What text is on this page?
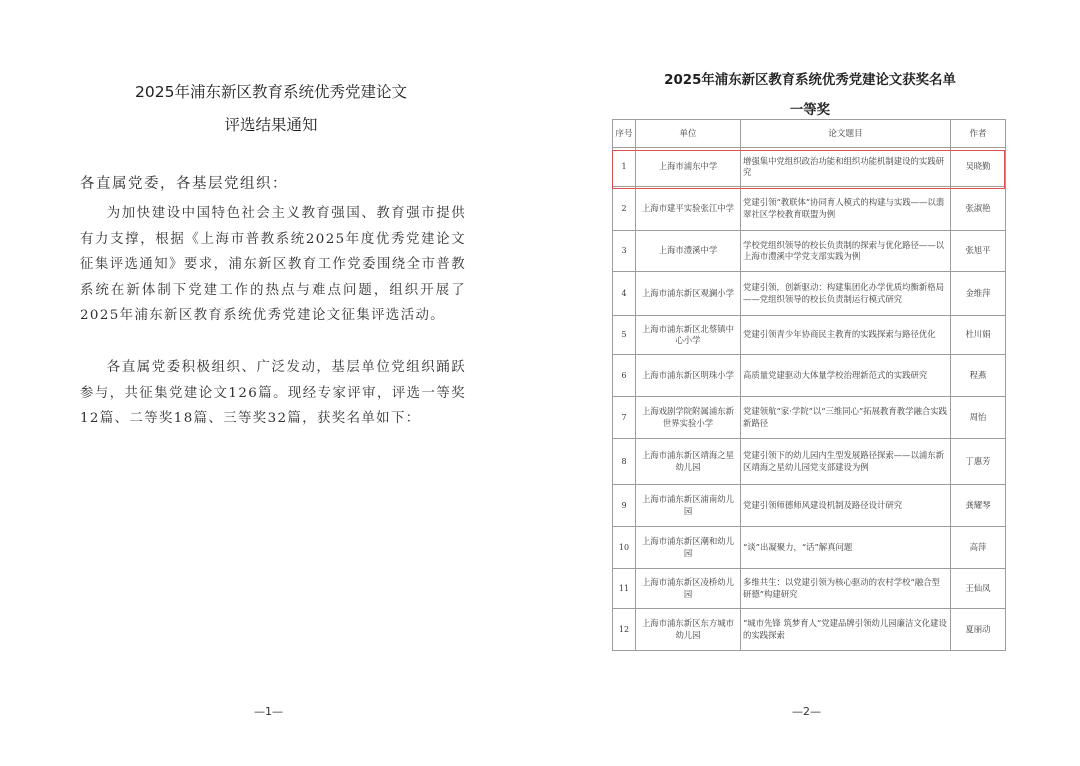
2025年浦东新区教育系统优秀党建论文
评选结果通知
各直属党委，各基层党组织：
为加快建设中国特色社会主义教育强国、教育强市提供有力支撑，根据《上海市普教系统2025年度优秀党建论文征集评选通知》要求，浦东新区教育工作党委围绕全市普教系统在新体制下党建工作的热点与难点问题，组织开展了2025年浦东新区教育系统优秀党建论文征集评选活动。
各直属党委积极组织、广泛发动，基层单位党组织踊跃参与，共征集党建论文126篇。现经专家评审，评选一等奖12篇、二等奖18篇、三等奖32篇，获奖名单如下：
—1—
2025年浦东新区教育系统优秀党建论文获奖名单
一等奖
序号	单位	论文题目	作者
1	上海市浦东中学	增强集中党组织政治功能和组织功能机制建设的实践研究	吴晓勤
2	上海市建平实验张江中学	党建引领“教联体”协同育人模式的构建与实践——以翡翠社区学校教育联盟为例	张淑艳
3	上海市澧溪中学	学校党组织领导的校长负责制的探索与优化路径——以上海市澧溪中学党支部实践为例	张旭平
4	上海市浦东新区观澜小学	党建引领，创新驱动：构建集团化办学优质均衡新格局——党组织领导的校长负责制运行模式研究	金维萍
5	上海市浦东新区北蔡镇中心小学	党建引领青少年协商民主教育的实践探索与路径优化	杜川娟
6	上海市浦东新区明珠小学	高质量党建驱动大体量学校治理新范式的实践研究	程燕
7	上海戏剧学院附属浦东新世界实验小学	党建领航“家·学院”以“三维同心”拓展教育教学融合实践新路径	周怡
8	上海市浦东新区靖海之星幼儿园	党建引领下的幼儿园内生型发展路径探索——以浦东新区靖海之星幼儿园党支部建设为例	丁惠芳
9	上海市浦东新区浦南幼儿园	党建引领师德师风建设机制及路径设计研究	龚耀琴
10	上海市浦东新区潮和幼儿园	“谈”出凝聚力，“话”解真问题	高萍
11	上海市浦东新区凌桥幼儿园	多维共生：以党建引领为核心驱动的农村学校“融合型研德”构建研究	王仙凤
12	上海市浦东新区东方城市幼儿园	“城市先锋 筑梦育人”党建品牌引领幼儿园廉洁文化建设的实践探索	夏丽动
—2—
